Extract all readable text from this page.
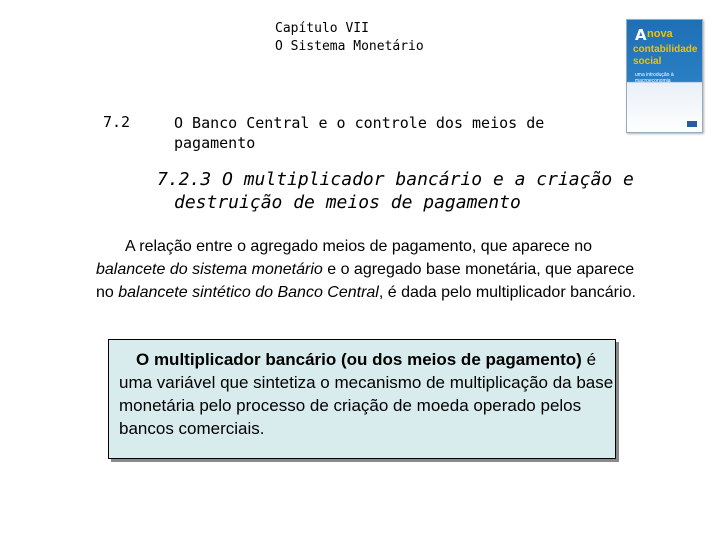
Capítulo VII
O Sistema Monetário
A nova
contabilidade
social
uma introdução à macroeconomia
7.2	O Banco Central e o controle dos meios de pagamento
7.2.3 O multiplicador bancário e a criação e
destruição de meios de pagamento
A relação entre o agregado meios de pagamento, que aparece no balancete do sistema monetário e o agregado base monetária, que aparece no balancete sintético do Banco Central, é dada pelo multiplicador bancário.
O multiplicador bancário (ou dos meios de pagamento) é uma variável que sintetiza o mecanismo de multiplicação da base monetária pelo processo de criação de moeda operado pelos bancos comerciais.
